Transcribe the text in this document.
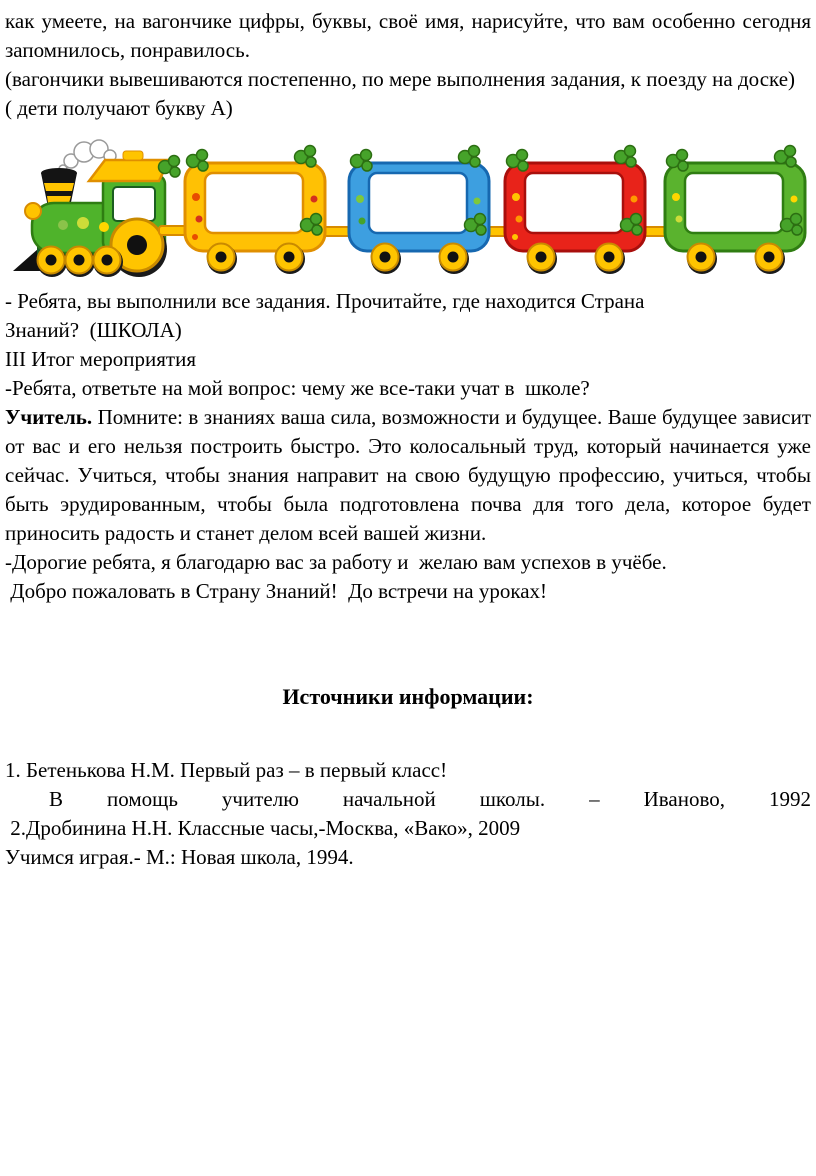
как умеете, на вагончике цифры, буквы, своё имя, нарисуйте, что вам особенно сегодня запомнилось, понравилось.

(вагончики вывешиваются постепенно, по мере выполнения задания, к поезду на доске)

( дети получают букву А)

- Ребята, вы выполнили все задания. Прочитайте, где находится Страна Знаний?  (ШКОЛА)

III Итог мероприятия

-Ребята, ответьте на мой вопрос: чему же все-таки учат в  школе?

Учитель. Помните: в знаниях ваша сила, возможности и будущее. Ваше будущее зависит от вас и его нельзя построить быстро. Это колосальный труд, который начинается уже сейчас. Учиться, чтобы знания направит на свою будущую профессию, учиться, чтобы быть эрудированным, чтобы была подготовлена почва для того дела, которое будет приносить радость и станет делом всей вашей жизни.

-Дорогие ребята, я благодарю вас за работу и  желаю вам успехов в учёбе.

Добро пожаловать в Страну Знаний!  До встречи на уроках!

Источники информации:

1. Бетенькова Н.М. Первый раз – в первый класс!

В помощь учителю начальной школы. – Иваново, 1992

2.Дробинина Н.Н. Классные часы,-Москва, «Вако», 2009

Учимся играя.- М.: Новая школа, 1994.
